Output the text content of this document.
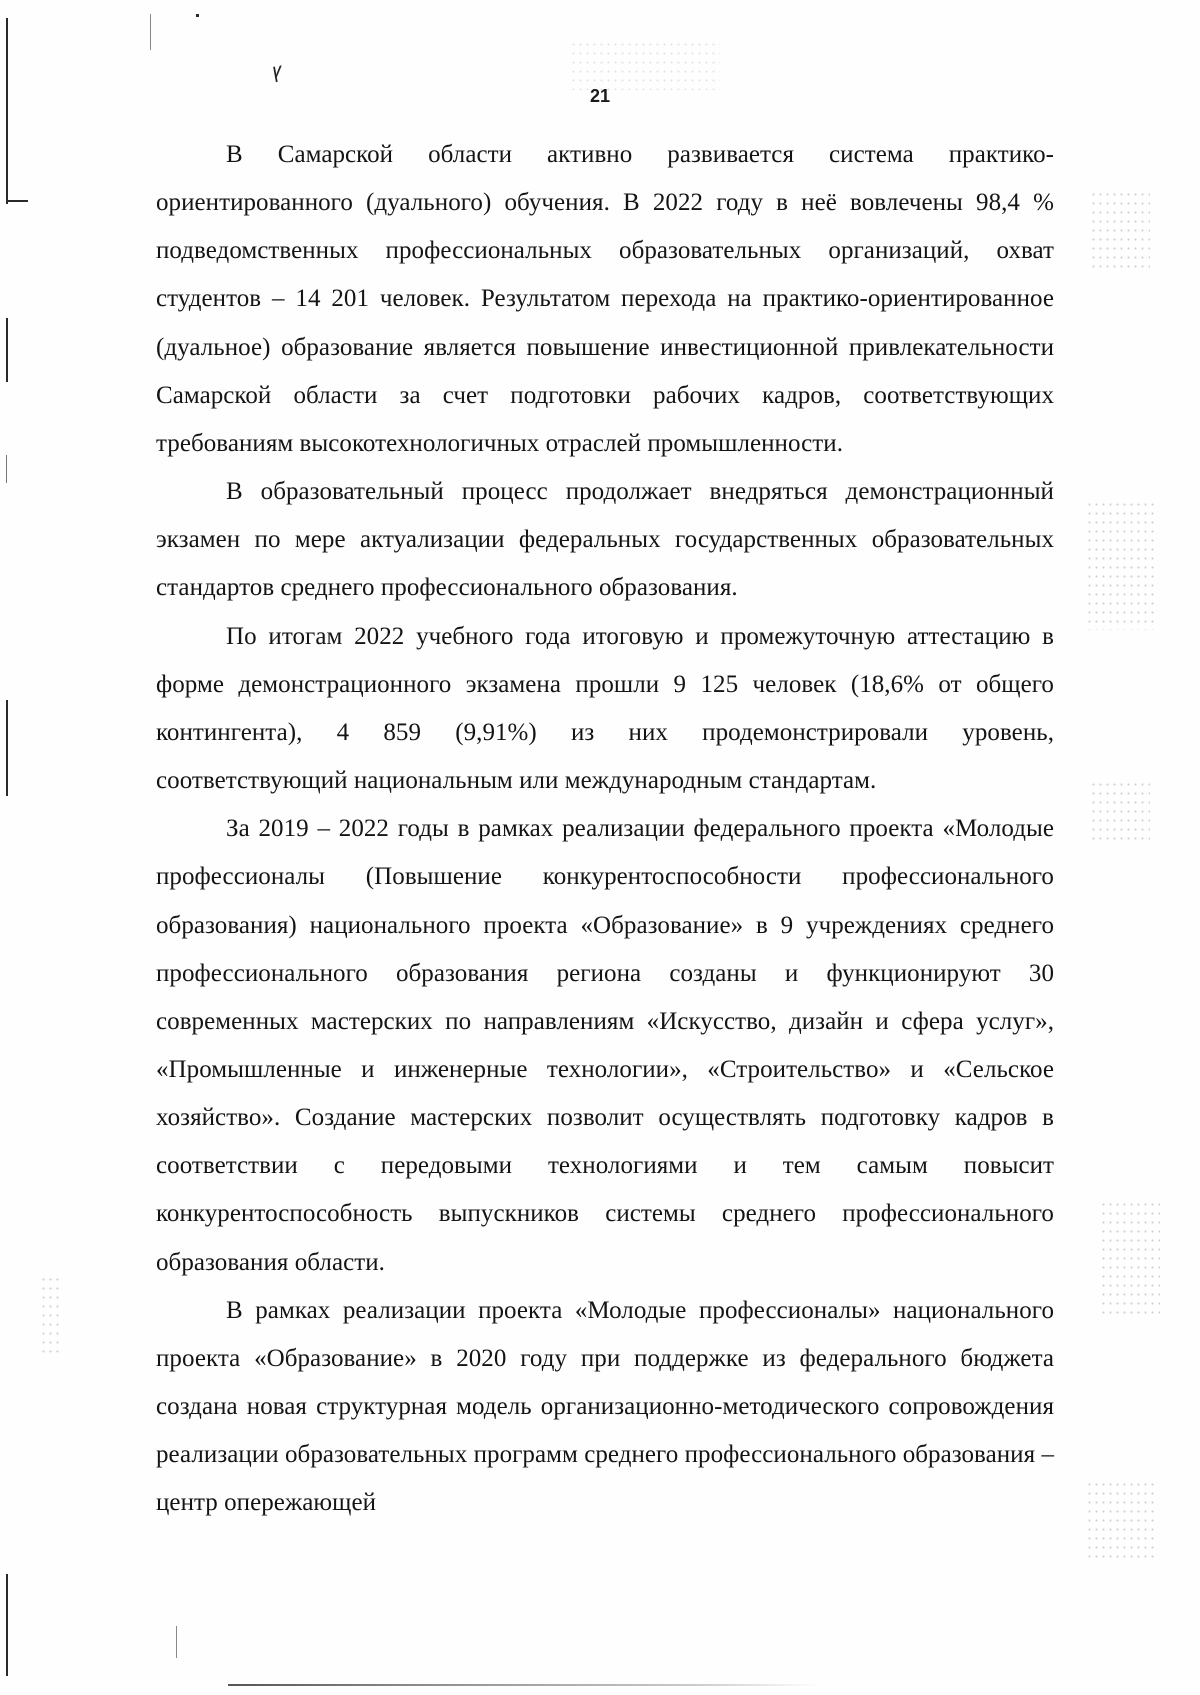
ꝩ
21

В Самарской области активно развивается система практико-ориентированного (дуального) обучения. В 2022 году в неё вовлечены 98,4 % подведомственных профессиональных образовательных организаций, охват студентов – 14 201 человек. Результатом перехода на практико-ориентированное (дуальное) образование является повышение инвестиционной привлекательности Самарской области за счет подготовки рабочих кадров, соответствующих требованиям высокотехнологичных отраслей промышленности.

В образовательный процесс продолжает внедряться демонстрационный экзамен по мере актуализации федеральных государственных образовательных стандартов среднего профессионального образования.

По итогам 2022 учебного года итоговую и промежуточную аттестацию в форме демонстрационного экзамена прошли 9 125 человек (18,6% от общего контингента), 4 859 (9,91%) из них продемонстрировали уровень, соответствующий национальным или международным стандартам.

За 2019 – 2022 годы в рамках реализации федерального проекта «Молодые профессионалы (Повышение конкурентоспособности профессионального образования) национального проекта «Образование» в 9 учреждениях среднего профессионального образования региона созданы и функционируют 30 современных мастерских по направлениям «Искусство, дизайн и сфера услуг», «Промышленные и инженерные технологии», «Строительство» и «Сельское хозяйство». Создание мастерских позволит осуществлять подготовку кадров в соответствии с передовыми технологиями и тем самым повысит конкурентоспособность выпускников системы среднего профессионального образования области.

В рамках реализации проекта «Молодые профессионалы» национального проекта «Образование» в 2020 году при поддержке из федерального бюджета создана новая структурная модель организационно-методического сопровождения реализации образовательных программ среднего профессионального образования – центр опережающей
